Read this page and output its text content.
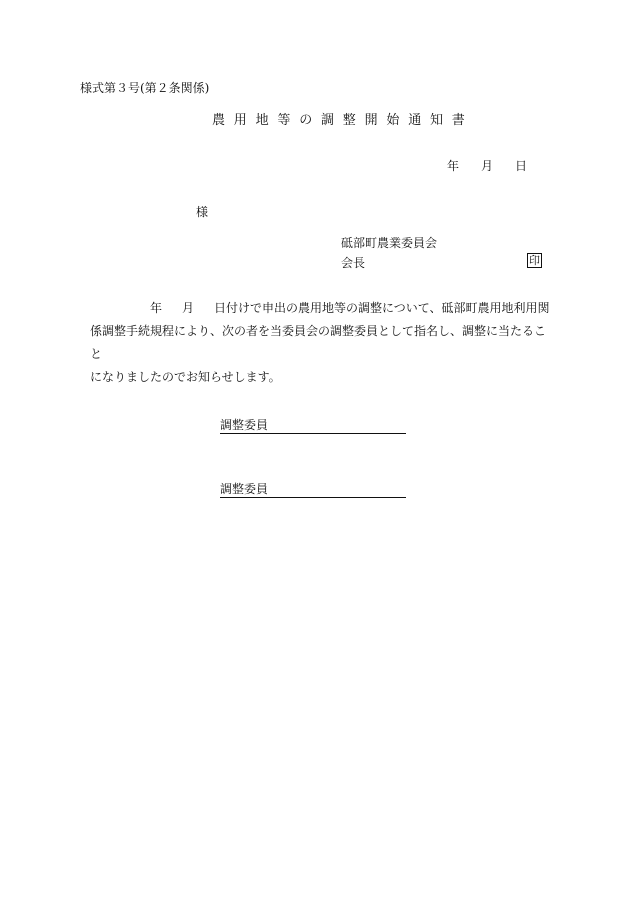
様式第３号(第２条関係)
農用地等の調整開始通知書
年 月 日
様
砥部町農業委員会
会長	印
年 月 日付けで申出の農用地等の調整について、砥部町農用地利用関
係調整手続規程により、次の者を当委員会の調整委員として指名し、調整に当たること
になりましたのでお知らせします。
調整委員
調整委員
